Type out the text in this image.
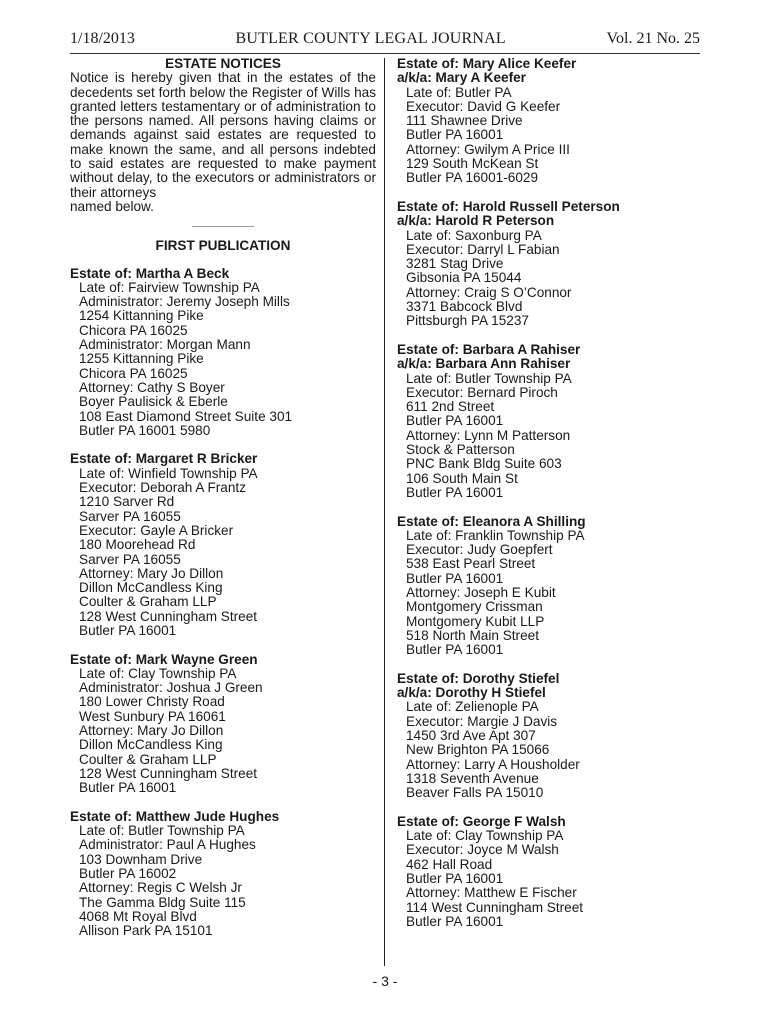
1/18/2013	BUTLER COUNTY LEGAL JOURNAL	Vol. 21 No. 25
ESTATE NOTICES

Notice is hereby given that in the estates of the decedents set forth below the Register of Wills has granted letters testamentary or of administration to the persons named. All persons having claims or demands against said estates are requested to make known the same, and all persons indebted to said estates are requested to make payment without delay, to the executors or administrators or their attorneys

named below.

FIRST PUBLICATION
Estate of: Martha A Beck
Late of: Fairview Township PA
Administrator: Jeremy Joseph Mills
1254 Kittanning Pike
Chicora PA 16025
Administrator: Morgan Mann
1255 Kittanning Pike
Chicora PA 16025
Attorney: Cathy S Boyer
Boyer Paulisick & Eberle
108 East Diamond Street Suite 301
Butler PA 16001 5980
Estate of: Margaret R Bricker
Late of: Winfield Township PA
Executor: Deborah A Frantz
1210 Sarver Rd
Sarver PA 16055
Executor: Gayle A Bricker
180 Moorehead Rd
Sarver PA 16055
Attorney: Mary Jo Dillon
Dillon McCandless King
Coulter & Graham LLP
128 West Cunningham Street
Butler PA 16001
Estate of: Mark Wayne Green
Late of: Clay Township PA
Administrator: Joshua J Green
180 Lower Christy Road
West Sunbury PA 16061
Attorney: Mary Jo Dillon
Dillon McCandless King
Coulter & Graham LLP
128 West Cunningham Street
Butler PA 16001
Estate of: Matthew Jude Hughes
Late of: Butler Township PA
Administrator: Paul A Hughes
103 Downham Drive
Butler PA 16002
Attorney: Regis C Welsh Jr
The Gamma Bldg Suite 115
4068 Mt Royal Blvd
Allison Park PA 15101
Estate of: Mary Alice Keefer
a/k/a: Mary A Keefer
Late of: Butler PA
Executor: David G Keefer
111 Shawnee Drive
Butler PA 16001
Attorney: Gwilym A Price III
129 South McKean St
Butler PA 16001-6029
Estate of: Harold Russell Peterson
a/k/a: Harold R Peterson
Late of: Saxonburg PA
Executor: Darryl L Fabian
3281 Stag Drive
Gibsonia PA 15044
Attorney: Craig S O’Connor
3371 Babcock Blvd
Pittsburgh PA 15237
Estate of: Barbara A Rahiser
a/k/a: Barbara Ann Rahiser
Late of: Butler Township PA
Executor: Bernard Piroch
611 2nd Street
Butler PA 16001
Attorney: Lynn M Patterson
Stock & Patterson
PNC Bank Bldg Suite 603
106 South Main St
Butler PA 16001
Estate of: Eleanora A Shilling
Late of: Franklin Township PA
Executor: Judy Goepfert
538 East Pearl Street
Butler PA 16001
Attorney: Joseph E Kubit
Montgomery Crissman
Montgomery Kubit LLP
518 North Main Street
Butler PA 16001
Estate of: Dorothy Stiefel
a/k/a: Dorothy H Stiefel
Late of: Zelienople PA
Executor: Margie J Davis
1450 3rd Ave Apt 307
New Brighton PA 15066
Attorney: Larry A Housholder
1318 Seventh Avenue
Beaver Falls PA 15010
Estate of: George F Walsh
Late of: Clay Township PA
Executor: Joyce M Walsh
462 Hall Road
Butler PA 16001
Attorney: Matthew E Fischer
114 West Cunningham Street
Butler PA 16001
- 3 -
